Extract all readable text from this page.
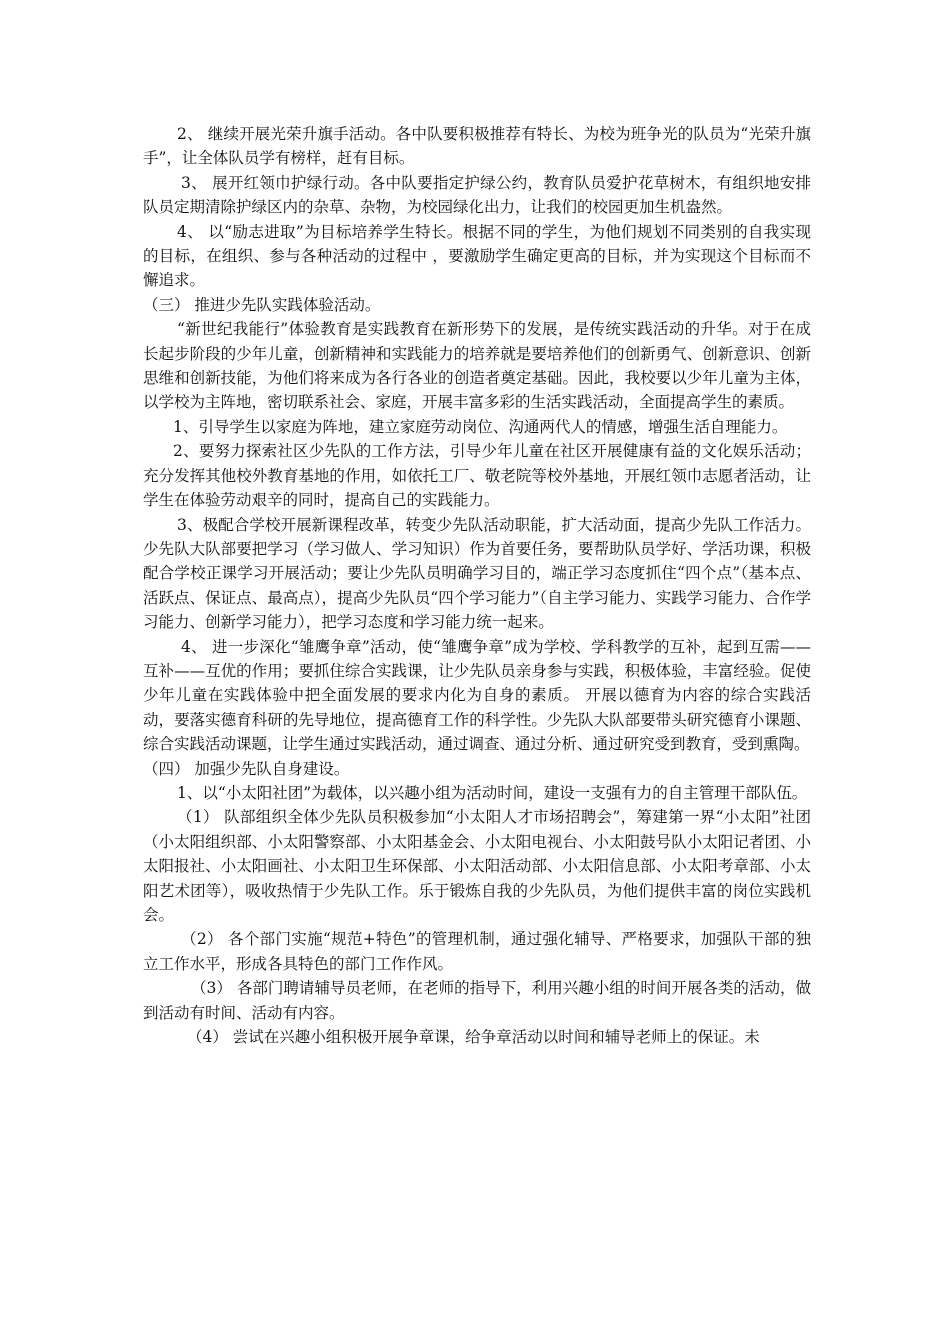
2、 继续开展光荣升旗手活动。各中队要积极推荐有特长、为校为班争光的队员为“光荣升旗手”，让全体队员学有榜样，赶有目标。

3、 展开红领巾护绿行动。各中队要指定护绿公约，教育队员爱护花草树木，有组织地安排队员定期清除护绿区内的杂草、杂物，为校园绿化出力，让我们的校园更加生机盎然。

4、 以“励志进取”为目标培养学生特长。根据不同的学生，为他们规划不同类别的自我实现的目标，在组织、参与各种活动的过程中 ，要激励学生确定更高的目标，并为实现这个目标而不懈追求。

（三） 推进少先队实践体验活动。

“新世纪我能行”体验教育是实践教育在新形势下的发展，是传统实践活动的升华。对于在成长起步阶段的少年儿童，创新精神和实践能力的培养就是要培养他们的创新勇气、创新意识、创新思维和创新技能，为他们将来成为各行各业的创造者奠定基础。因此，我校要以少年儿童为主体，以学校为主阵地，密切联系社会、家庭，开展丰富多彩的生活实践活动，全面提高学生的素质。

1、引导学生以家庭为阵地，建立家庭劳动岗位、沟通两代人的情感，增强生活自理能力。

2、要努力探索社区少先队的工作方法，引导少年儿童在社区开展健康有益的文化娱乐活动；充分发挥其他校外教育基地的作用，如依托工厂、敬老院等校外基地，开展红领巾志愿者活动，让学生在体验劳动艰辛的同时，提高自己的实践能力。

3、极配合学校开展新课程改革，转变少先队活动职能，扩大活动面，提高少先队工作活力。少先队大队部要把学习（学习做人、学习知识）作为首要任务，要帮助队员学好、学活功课，积极配合学校正课学习开展活动；要让少先队员明确学习目的，端正学习态度抓住“四个点”（基本点、活跃点、保证点、最高点），提高少先队员“四个学习能力”（自主学习能力、实践学习能力、合作学习能力、创新学习能力），把学习态度和学习能力统一起来。

4、 进一步深化“雏鹰争章”活动，使“雏鹰争章”成为学校、学科教学的互补，起到互需——互补——互优的作用；要抓住综合实践课，让少先队员亲身参与实践，积极体验，丰富经验。促使少年儿童在实践体验中把全面发展的要求内化为自身的素质。 开展以德育为内容的综合实践活动，要落实德育科研的先导地位，提高德育工作的科学性。少先队大队部要带头研究德育小课题、综合实践活动课题，让学生通过实践活动，通过调查、通过分析、通过研究受到教育，受到熏陶。

（四） 加强少先队自身建设。

1、以“小太阳社团”为载体，以兴趣小组为活动时间，建设一支强有力的自主管理干部队伍。

（1） 队部组织全体少先队员积极参加“小太阳人才市场招聘会”，筹建第一界“小太阳”社团（小太阳组织部、小太阳警察部、小太阳基金会、小太阳电视台、小太阳鼓号队小太阳记者团、小太阳报社、小太阳画社、小太阳卫生环保部、小太阳活动部、小太阳信息部、小太阳考章部、小太阳艺术团等），吸收热情于少先队工作。乐于锻炼自我的少先队员，为他们提供丰富的岗位实践机会。

（2） 各个部门实施“规范+特色”的管理机制，通过强化辅导、严格要求，加强队干部的独立工作水平，形成各具特色的部门工作作风。

（3） 各部门聘请辅导员老师，在老师的指导下，利用兴趣小组的时间开展各类的活动，做到活动有时间、活动有内容。

（4） 尝试在兴趣小组积极开展争章课，给争章活动以时间和辅导老师上的保证。未
